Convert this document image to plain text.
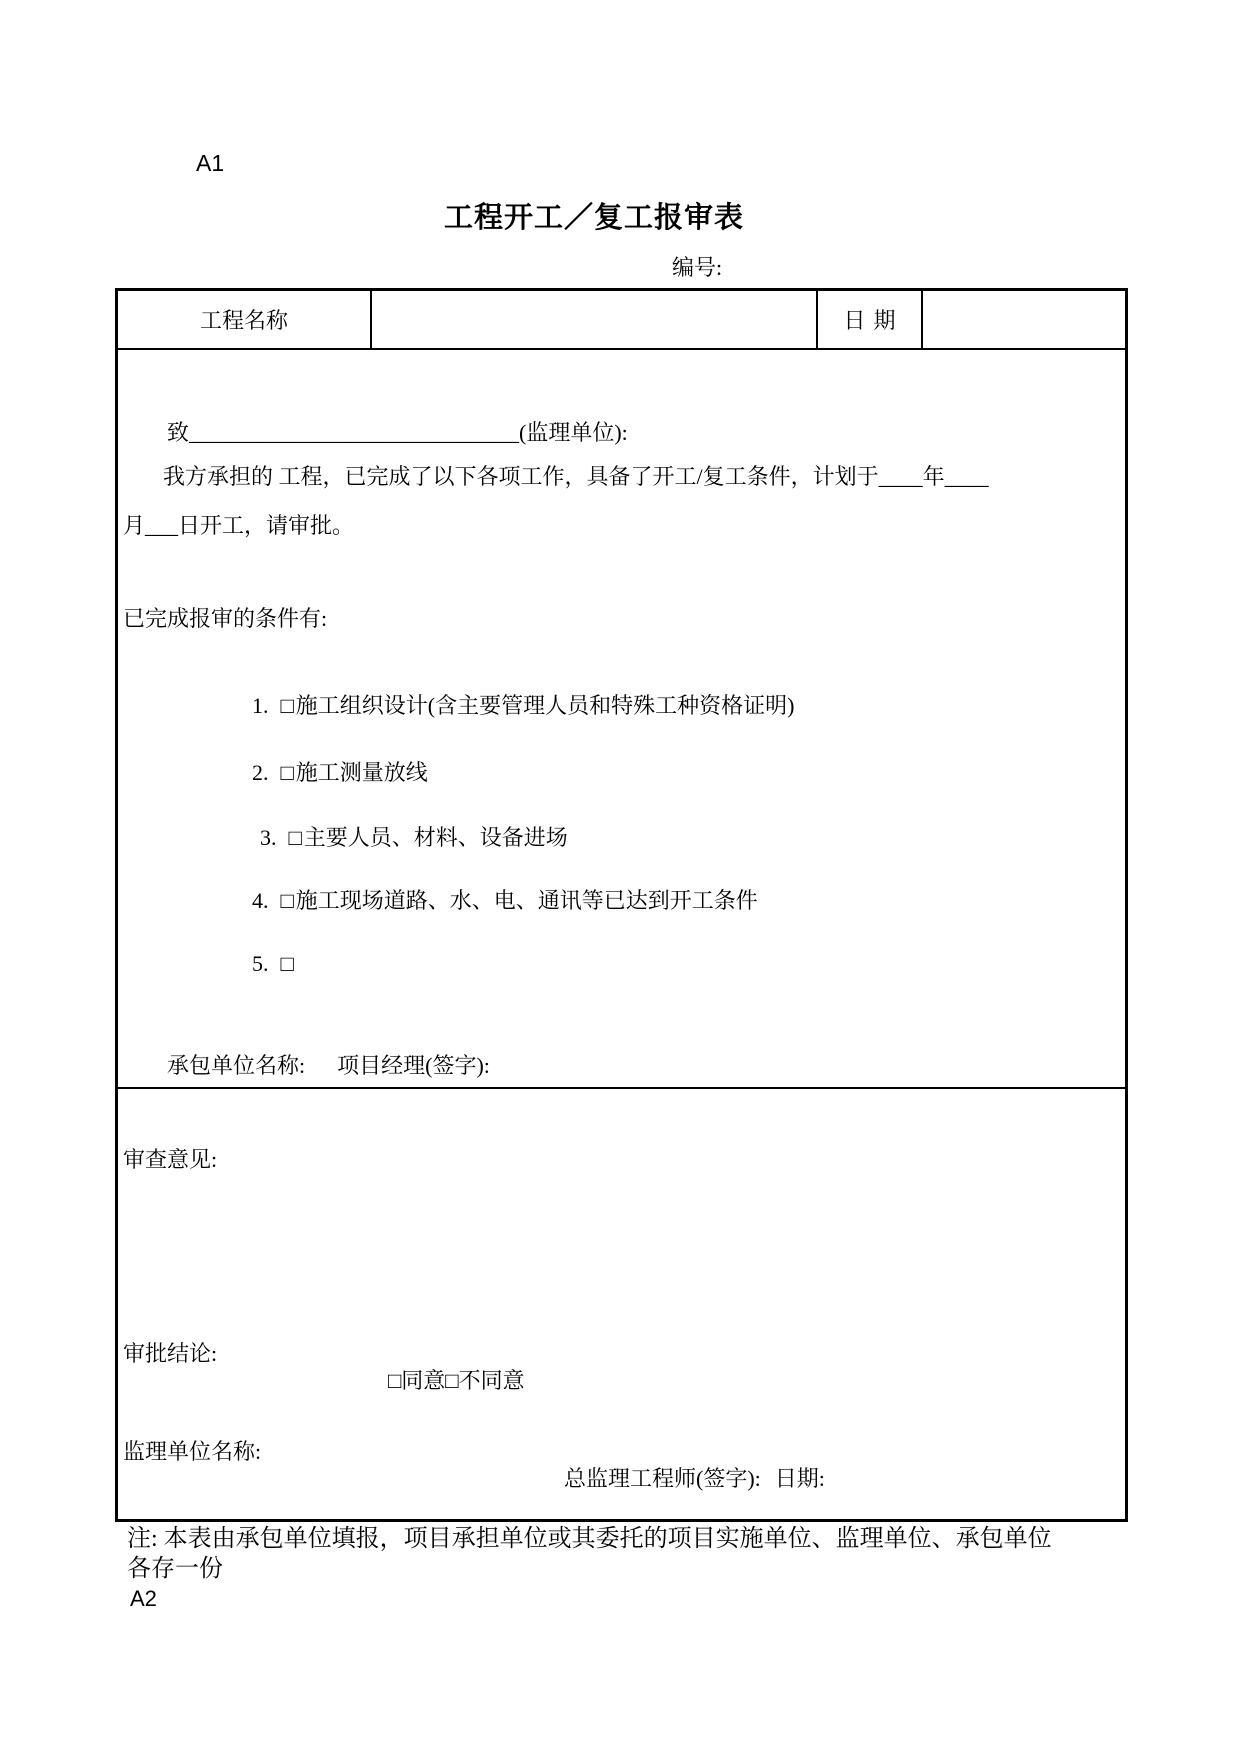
A1
工程开工／复工报审表
编号:
工程名称	日期

致______________________________(监理单位):

我方承担的 工程，已完成了以下各项工作，具备了开工/复工条件，计划于____年____
月___日开工，请审批。
已完成报审的条件有:

1. □施工组织设计(含主要管理人员和特殊工种资格证明)

2. □施工测量放线

3. □主要人员、材料、设备进场

4. □施工现场道路、水、电、通讯等已达到开工条件

5. □

承包单位名称: 项目经理(签字):

审查意见:
审批结论:

□同意□不同意

监理单位名称:

总监理工程师(签字): 日期:

注: 本表由承包单位填报，项目承担单位或其委托的项目实施单位、监理单位、承包单位
各存一份
A2
